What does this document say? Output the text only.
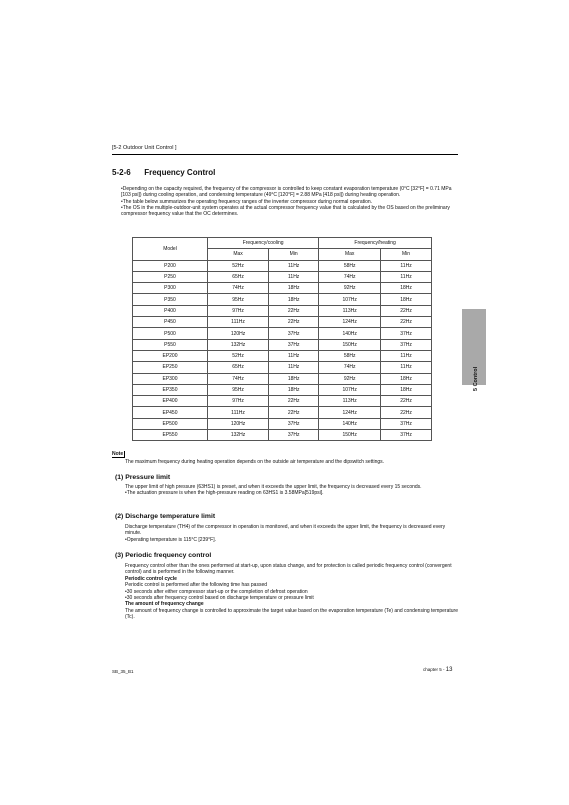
[5-2 Outdoor Unit Control ]
5-2-6 Frequency Control

•Depending on the capacity required, the frequency of the compressor is controlled to keep constant evaporation temperature (0°C [32°F] = 0.71 MPa [103 psi]) during cooling operation, and condensing temperature (49°C [120°F] = 2.88 MPa [418 psi]) during heating operation.

•The table below summarizes the operating frequency ranges of the inverter compressor during normal operation.

•The OS in the multiple-outdoor-unit system operates at the actual compressor frequency value that is calculated by the OS based on the preliminary compressor frequency value that the OC determines.

Model	Frequency/cooling		Frequency/heating	
	Max	Min	Max	Min
P200	52Hz	11Hz	58Hz	11Hz
P250	65Hz	11Hz	74Hz	11Hz
P300	74Hz	18Hz	92Hz	18Hz
P350	95Hz	18Hz	107Hz	18Hz
P400	97Hz	22Hz	113Hz	22Hz
P450	111Hz	22Hz	124Hz	22Hz
P500	120Hz	37Hz	140Hz	37Hz
P550	132Hz	37Hz	150Hz	37Hz
EP200	52Hz	11Hz	58Hz	11Hz
EP250	65Hz	11Hz	74Hz	11Hz
EP300	74Hz	18Hz	92Hz	18Hz
EP350	95Hz	18Hz	107Hz	18Hz
EP400	97Hz	22Hz	113Hz	22Hz
EP450	111Hz	22Hz	124Hz	22Hz
EP500	120Hz	37Hz	140Hz	37Hz
EP550	132Hz	37Hz	150Hz	37Hz
Note
The maximum frequency during heating operation depends on the outside air temperature and the dipswitch settings.
(1) Pressure limit

The upper limit of high pressure (63HS1) is preset, and when it exceeds the upper limit, the frequency is decreased every 15 seconds.

•The actuation pressure is when the high-pressure reading on 63HS1 is 3.58MPa[519psi].

(2) Discharge temperature limit

Discharge temperature (TH4) of the compressor in operation is monitored, and when it exceeds the upper limit, the frequency is decreased every minute.

•Operating temperature is 115°C [239°F].

(3) Periodic frequency control

Frequency control other than the ones performed at start-up, upon status change, and for protection is called periodic frequency control (convergent control) and is performed in the following manner.

Periodic control cycle

Periodic control is performed after the following time has passed

•30 seconds after either compressor start-up or the completion of defrost operation

•30 seconds after frequency control based on discharge temperature or pressure limit

The amount of frequency change

The amount of frequency change is controlled to approximate the target value based on the evaporation temperature (Te) and condensing temperature (Tc).

5 Control
SB_35_B1	chapter 5 - 13
